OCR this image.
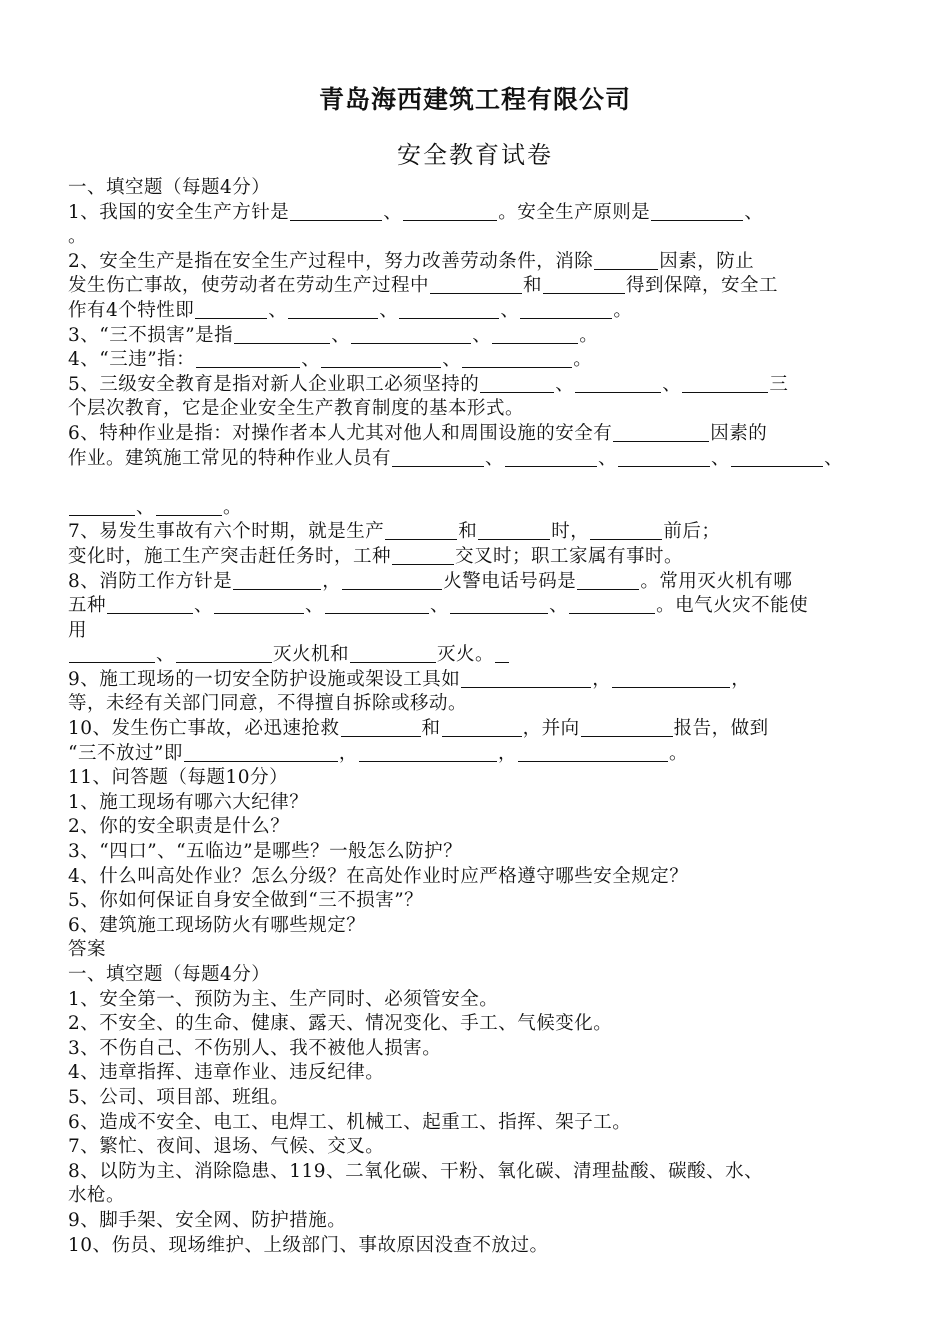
青岛海西建筑工程有限公司
安全教育试卷
一、填空题（每题4分）
1、我国的安全生产方针是	、	。安全生产原则是	、
。
2、安全生产是指在安全生产过程中，努力改善劳动条件，消除	因素，防止
发生伤亡事故，使劳动者在劳动生产过程中	和	得到保障，安全工
作有4个特性即	、	、	、	。
3、“三不损害”是指	、	、	。
4、“三违”指：	、	、	。
5、三级安全教育是指对新人企业职工必须坚持的	、	、	三
个层次教育，它是企业安全生产教育制度的基本形式。
6、特种作业是指：对操作者本人尤其对他人和周围设施的安全有	因素的
作业。建筑施工常见的特种作业人员有	、	、	、	、
、	。
7、易发生事故有六个时期，就是生产	和	时，	前后；
变化时，施工生产突击赶任务时，工种	交叉时；职工家属有事时。
8、消防工作方针是	，	火警电话号码是	。常用灭火机有哪
五种	、	、	、	、	。电气火灾不能使
用
、	灭火机和	灭火。
9、施工现场的一切安全防护设施或架设工具如	，	，
等，未经有关部门同意，不得擅自拆除或移动。
10、发生伤亡事故，必迅速抢救	和	，并向	报告，做到
“三不放过”即	，	，	。
11、问答题（每题10分）
1、施工现场有哪六大纪律？
2、你的安全职责是什么？
3、“四口”、“五临边”是哪些？一般怎么防护？
4、什么叫高处作业？怎么分级？在高处作业时应严格遵守哪些安全规定？
5、你如何保证自身安全做到“三不损害”？
6、建筑施工现场防火有哪些规定？
答案
一、填空题（每题4分）
1、安全第一、预防为主、生产同时、必须管安全。
2、不安全、的生命、健康、露天、情况变化、手工、气候变化。
3、不伤自己、不伤别人、我不被他人损害。
4、违章指挥、违章作业、违反纪律。
5、公司、项目部、班组。
6、造成不安全、电工、电焊工、机械工、起重工、指挥、架子工。
7、繁忙、夜间、退场、气候、交叉。
8、以防为主、消除隐患、119、二氧化碳、干粉、氧化碳、清理盐酸、碳酸、水、
水枪。
9、脚手架、安全网、防护措施。
10、伤员、现场维护、上级部门、事故原因没查不放过。
